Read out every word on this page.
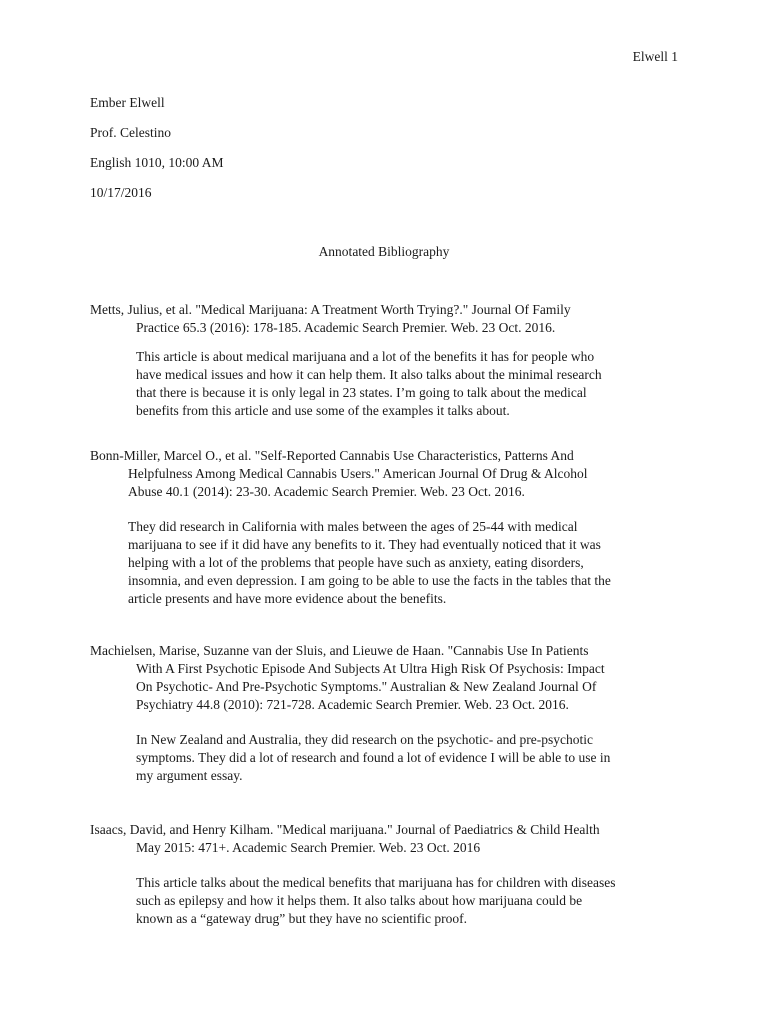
Elwell 1
Ember Elwell
Prof. Celestino
English 1010, 10:00 AM
10/17/2016
Annotated Bibliography

Metts, Julius, et al. "Medical Marijuana: A Treatment Worth Trying?." Journal Of Family
Practice 65.3 (2016): 178-185. Academic Search Premier. Web. 23 Oct. 2016.

This article is about medical marijuana and a lot of the benefits it has for people who
have medical issues and how it can help them. It also talks about the minimal research
that there is because it is only legal in 23 states. I’m going to talk about the medical
benefits from this article and use some of the examples it talks about.

Bonn-Miller, Marcel O., et al. "Self-Reported Cannabis Use Characteristics, Patterns And
Helpfulness Among Medical Cannabis Users." American Journal Of Drug & Alcohol
Abuse 40.1 (2014): 23-30. Academic Search Premier. Web. 23 Oct. 2016.

They did research in California with males between the ages of 25-44 with medical
marijuana to see if it did have any benefits to it. They had eventually noticed that it was
helping with a lot of the problems that people have such as anxiety, eating disorders,
insomnia, and even depression. I am going to be able to use the facts in the tables that the
article presents and have more evidence about the benefits.

Machielsen, Marise, Suzanne van der Sluis, and Lieuwe de Haan. "Cannabis Use In Patients
With A First Psychotic Episode And Subjects At Ultra High Risk Of Psychosis: Impact
On Psychotic- And Pre-Psychotic Symptoms." Australian & New Zealand Journal Of
Psychiatry 44.8 (2010): 721-728. Academic Search Premier. Web. 23 Oct. 2016.

In New Zealand and Australia, they did research on the psychotic- and pre-psychotic
symptoms. They did a lot of research and found a lot of evidence I will be able to use in
my argument essay.

Isaacs, David, and Henry Kilham. "Medical marijuana." Journal of Paediatrics & Child Health
May 2015: 471+. Academic Search Premier. Web. 23 Oct. 2016

This article talks about the medical benefits that marijuana has for children with diseases
such as epilepsy and how it helps them. It also talks about how marijuana could be
known as a “gateway drug” but they have no scientific proof.
